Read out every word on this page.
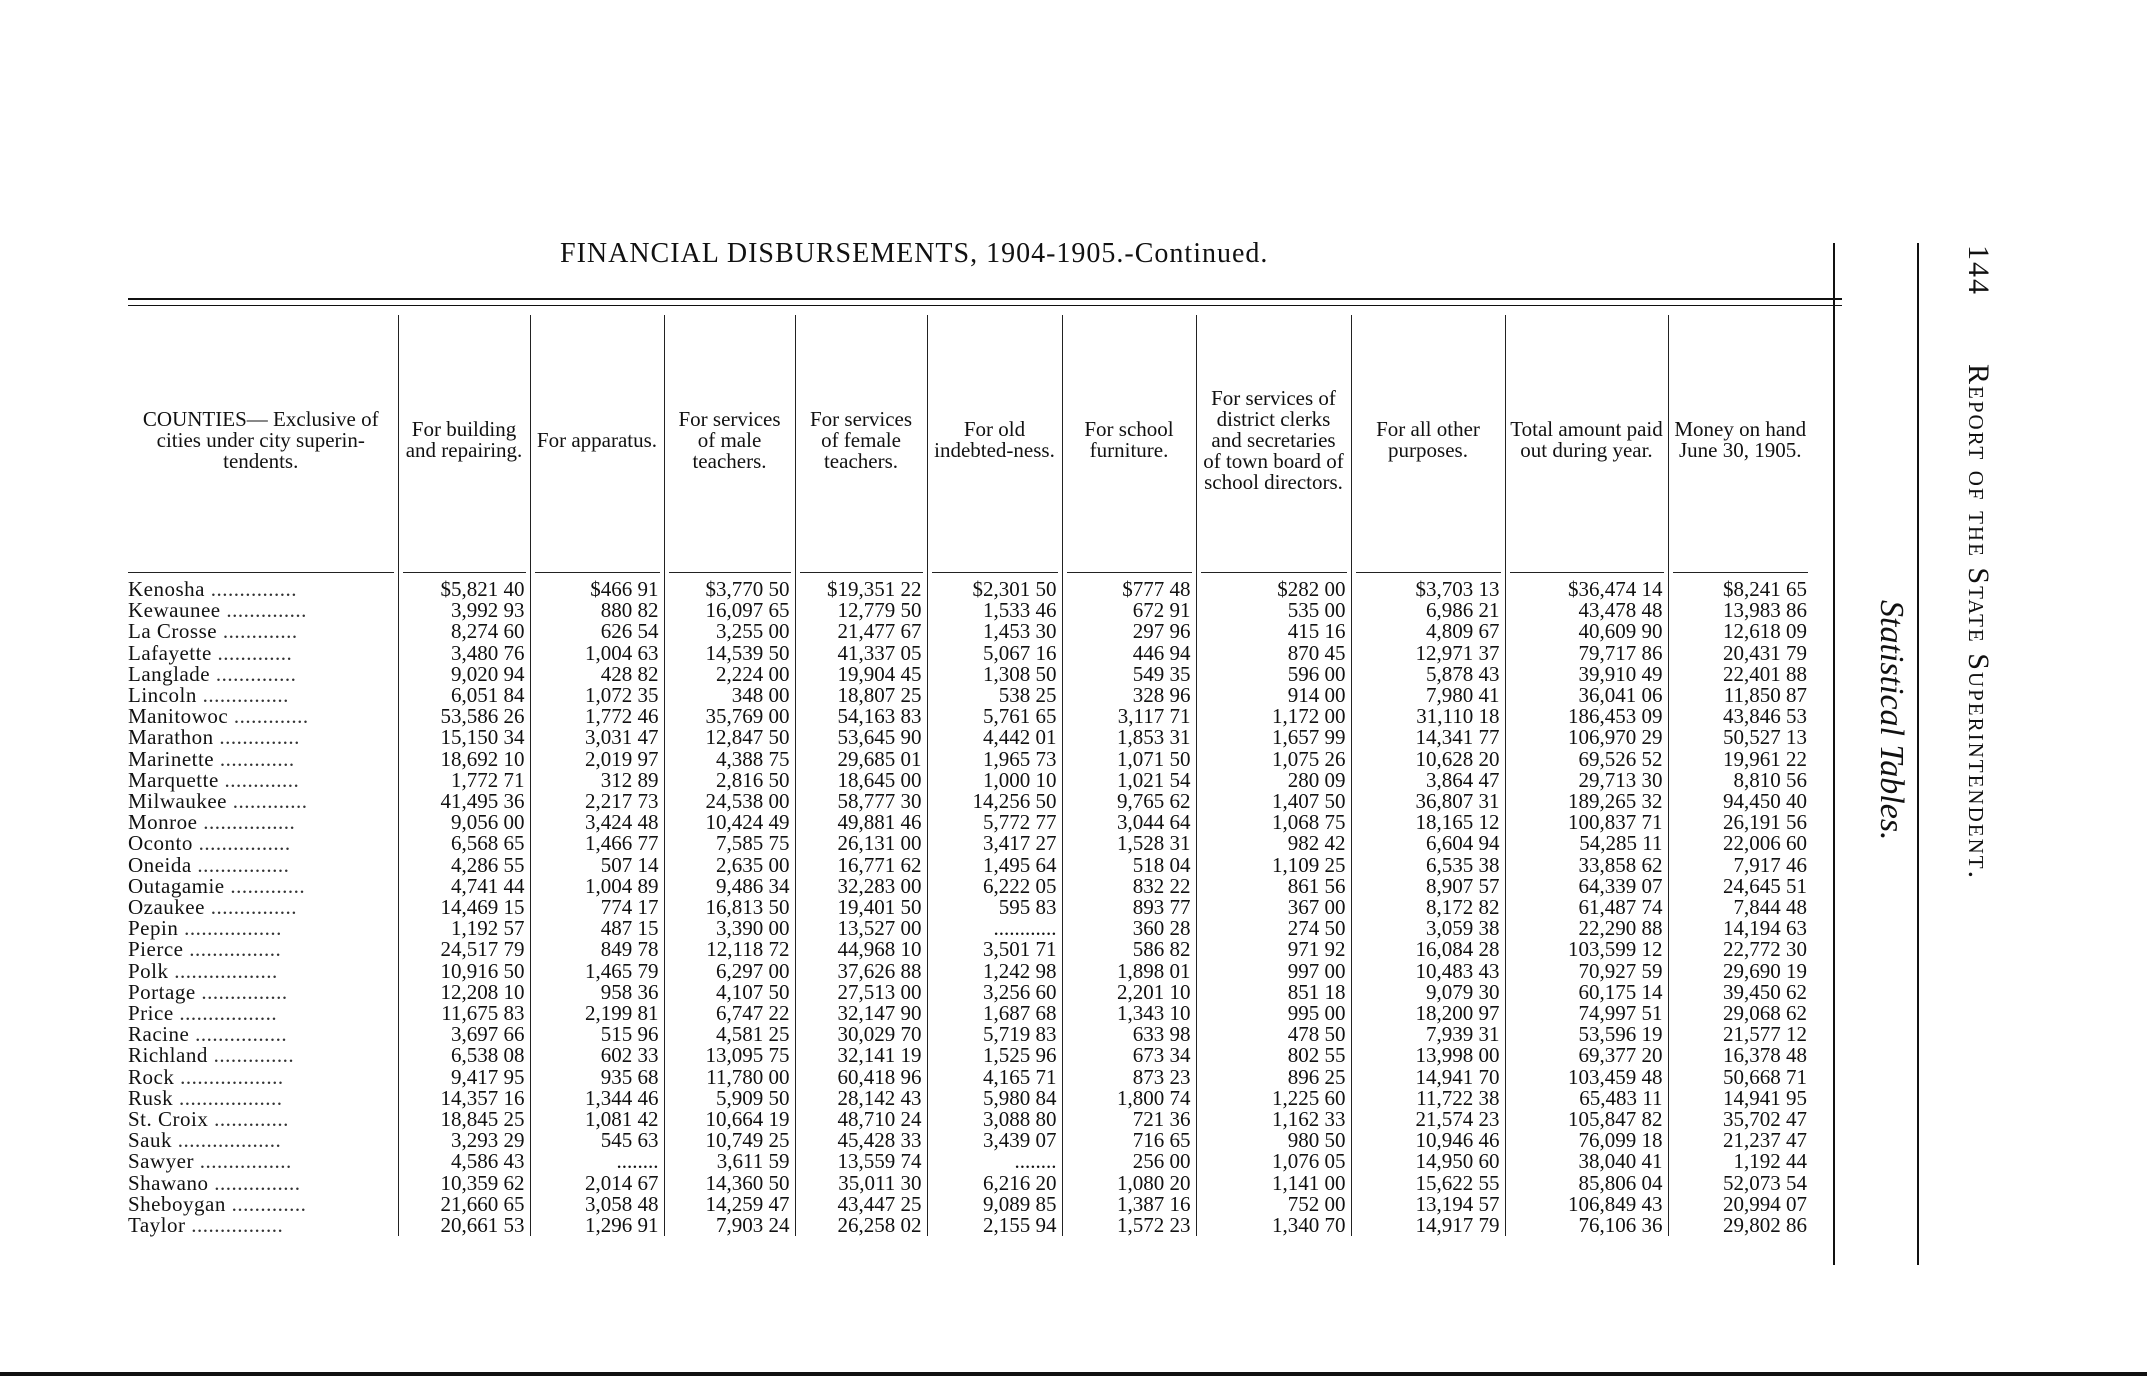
FINANCIAL DISBURSEMENTS, 1904-1905.-Continued.	144Report of the State Superintendent.
Statistical Tables.
COUNTIES— Exclusive of cities under city superin-tendents.	For building and repairing.	For apparatus.	For services of male teachers.	For services of female teachers.	For old indebted-ness.	For school furniture.	For services of district clerks and secretaries of town board of school directors.	For all other purposes.	Total amount paid out during year.	Money on hand June 30, 1905.

Kenosha ...............	$5,821 40	$466 91	$3,770 50	$19,351 22	$2,301 50	$777 48	$282 00	$3,703 13	$36,474 14	$8,241 65
Kewaunee ..............	3,992 93	880 82	16,097 65	12,779 50	1,533 46	672 91	535 00	6,986 21	43,478 48	13,983 86
La Crosse .............	8,274 60	626 54	3,255 00	21,477 67	1,453 30	297 96	415 16	4,809 67	40,609 90	12,618 09
Lafayette .............	3,480 76	1,004 63	14,539 50	41,337 05	5,067 16	446 94	870 45	12,971 37	79,717 86	20,431 79
Langlade ..............	9,020 94	428 82	2,224 00	19,904 45	1,308 50	549 35	596 00	5,878 43	39,910 49	22,401 88
Lincoln ...............	6,051 84	1,072 35	348 00	18,807 25	538 25	328 96	914 00	7,980 41	36,041 06	11,850 87
Manitowoc .............	53,586 26	1,772 46	35,769 00	54,163 83	5,761 65	3,117 71	1,172 00	31,110 18	186,453 09	43,846 53
Marathon ..............	15,150 34	3,031 47	12,847 50	53,645 90	4,442 01	1,853 31	1,657 99	14,341 77	106,970 29	50,527 13
Marinette .............	18,692 10	2,019 97	4,388 75	29,685 01	1,965 73	1,071 50	1,075 26	10,628 20	69,526 52	19,961 22
Marquette .............	1,772 71	312 89	2,816 50	18,645 00	1,000 10	1,021 54	280 09	3,864 47	29,713 30	8,810 56
Milwaukee .............	41,495 36	2,217 73	24,538 00	58,777 30	14,256 50	9,765 62	1,407 50	36,807 31	189,265 32	94,450 40
Monroe ................	9,056 00	3,424 48	10,424 49	49,881 46	5,772 77	3,044 64	1,068 75	18,165 12	100,837 71	26,191 56
Oconto ................	6,568 65	1,466 77	7,585 75	26,131 00	3,417 27	1,528 31	982 42	6,604 94	54,285 11	22,006 60
Oneida ................	4,286 55	507 14	2,635 00	16,771 62	1,495 64	518 04	1,109 25	6,535 38	33,858 62	7,917 46
Outagamie .............	4,741 44	1,004 89	9,486 34	32,283 00	6,222 05	832 22	861 56	8,907 57	64,339 07	24,645 51
Ozaukee ...............	14,469 15	774 17	16,813 50	19,401 50	595 83	893 77	367 00	8,172 82	61,487 74	7,844 48
Pepin .................	1,192 57	487 15	3,390 00	13,527 00	............	360 28	274 50	3,059 38	22,290 88	14,194 63
Pierce ................	24,517 79	849 78	12,118 72	44,968 10	3,501 71	586 82	971 92	16,084 28	103,599 12	22,772 30
Polk ..................	10,916 50	1,465 79	6,297 00	37,626 88	1,242 98	1,898 01	997 00	10,483 43	70,927 59	29,690 19
Portage ...............	12,208 10	958 36	4,107 50	27,513 00	3,256 60	2,201 10	851 18	9,079 30	60,175 14	39,450 62
Price .................	11,675 83	2,199 81	6,747 22	32,147 90	1,687 68	1,343 10	995 00	18,200 97	74,997 51	29,068 62
Racine ................	3,697 66	515 96	4,581 25	30,029 70	5,719 83	633 98	478 50	7,939 31	53,596 19	21,577 12
Richland ..............	6,538 08	602 33	13,095 75	32,141 19	1,525 96	673 34	802 55	13,998 00	69,377 20	16,378 48
Rock ..................	9,417 95	935 68	11,780 00	60,418 96	4,165 71	873 23	896 25	14,941 70	103,459 48	50,668 71
Rusk ..................	14,357 16	1,344 46	5,909 50	28,142 43	5,980 84	1,800 74	1,225 60	11,722 38	65,483 11	14,941 95
St. Croix .............	18,845 25	1,081 42	10,664 19	48,710 24	3,088 80	721 36	1,162 33	21,574 23	105,847 82	35,702 47
Sauk ..................	3,293 29	545 63	10,749 25	45,428 33	3,439 07	716 65	980 50	10,946 46	76,099 18	21,237 47
Sawyer ................	4,586 43	........	3,611 59	13,559 74	........	256 00	1,076 05	14,950 60	38,040 41	1,192 44
Shawano ...............	10,359 62	2,014 67	14,360 50	35,011 30	6,216 20	1,080 20	1,141 00	15,622 55	85,806 04	52,073 54
Sheboygan .............	21,660 65	3,058 48	14,259 47	43,447 25	9,089 85	1,387 16	752 00	13,194 57	106,849 43	20,994 07
Taylor ................	20,661 53	1,296 91	7,903 24	26,258 02	2,155 94	1,572 23	1,340 70	14,917 79	76,106 36	29,802 86
